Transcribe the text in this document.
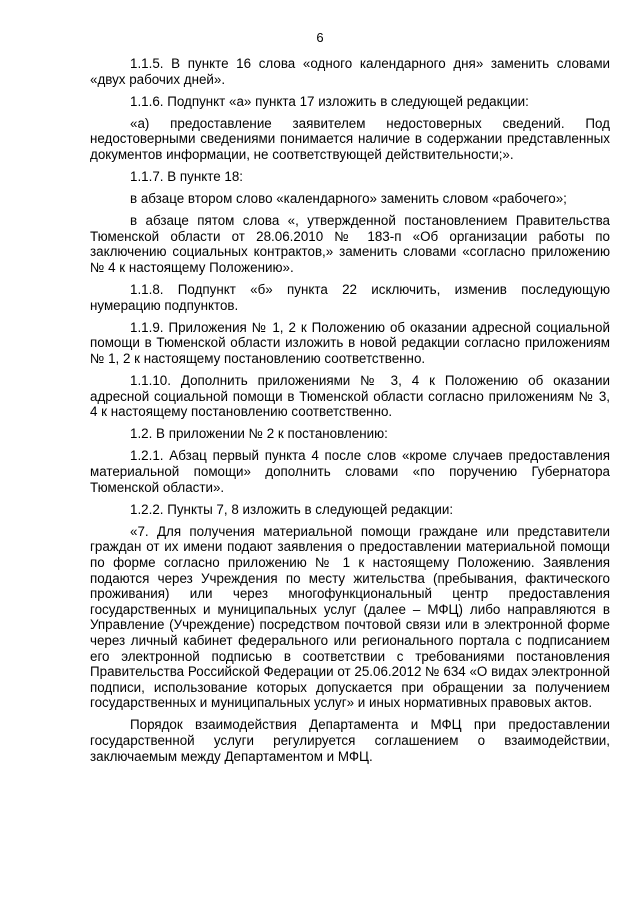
6

1.1.5. В пункте 16 слова «одного календарного дня» заменить словами «двух рабочих дней».

1.1.6. Подпункт «а» пункта 17 изложить в следующей редакции:

«а) предоставление заявителем недостоверных сведений. Под недостоверными сведениями понимается наличие в содержании представленных документов информации, не соответствующей действительности;».

1.1.7. В пункте 18:

в абзаце втором слово «календарного» заменить словом «рабочего»;

в абзаце пятом слова «, утвержденной постановлением Правительства Тюменской области от 28.06.2010 № 183-п «Об организации работы по заключению социальных контрактов,» заменить словами «согласно приложению № 4 к настоящему Положению».

1.1.8. Подпункт «б» пункта 22 исключить, изменив последующую нумерацию подпунктов.

1.1.9. Приложения № 1, 2 к Положению об оказании адресной социальной помощи в Тюменской области изложить в новой редакции согласно приложениям № 1, 2 к настоящему постановлению соответственно.

1.1.10. Дополнить приложениями № 3, 4 к Положению об оказании адресной социальной помощи в Тюменской области согласно приложениям № 3, 4 к настоящему постановлению соответственно.

1.2. В приложении № 2 к постановлению:

1.2.1. Абзац первый пункта 4 после слов «кроме случаев предоставления материальной помощи» дополнить словами «по поручению Губернатора Тюменской области».

1.2.2. Пункты 7, 8 изложить в следующей редакции:

«7. Для получения материальной помощи граждане или представители граждан от их имени подают заявления о предоставлении материальной помощи по форме согласно приложению № 1 к настоящему Положению. Заявления подаются через Учреждения по месту жительства (пребывания, фактического проживания) или через многофункциональный центр предоставления государственных и муниципальных услуг (далее – МФЦ) либо направляются в Управление (Учреждение) посредством почтовой связи или в электронной форме через личный кабинет федерального или регионального портала с подписанием его электронной подписью в соответствии с требованиями постановления Правительства Российской Федерации от 25.06.2012 № 634 «О видах электронной подписи, использование которых допускается при обращении за получением государственных и муниципальных услуг» и иных нормативных правовых актов.

Порядок взаимодействия Департамента и МФЦ при предоставлении государственной услуги регулируется соглашением о взаимодействии, заключаемым между Департаментом и МФЦ.
